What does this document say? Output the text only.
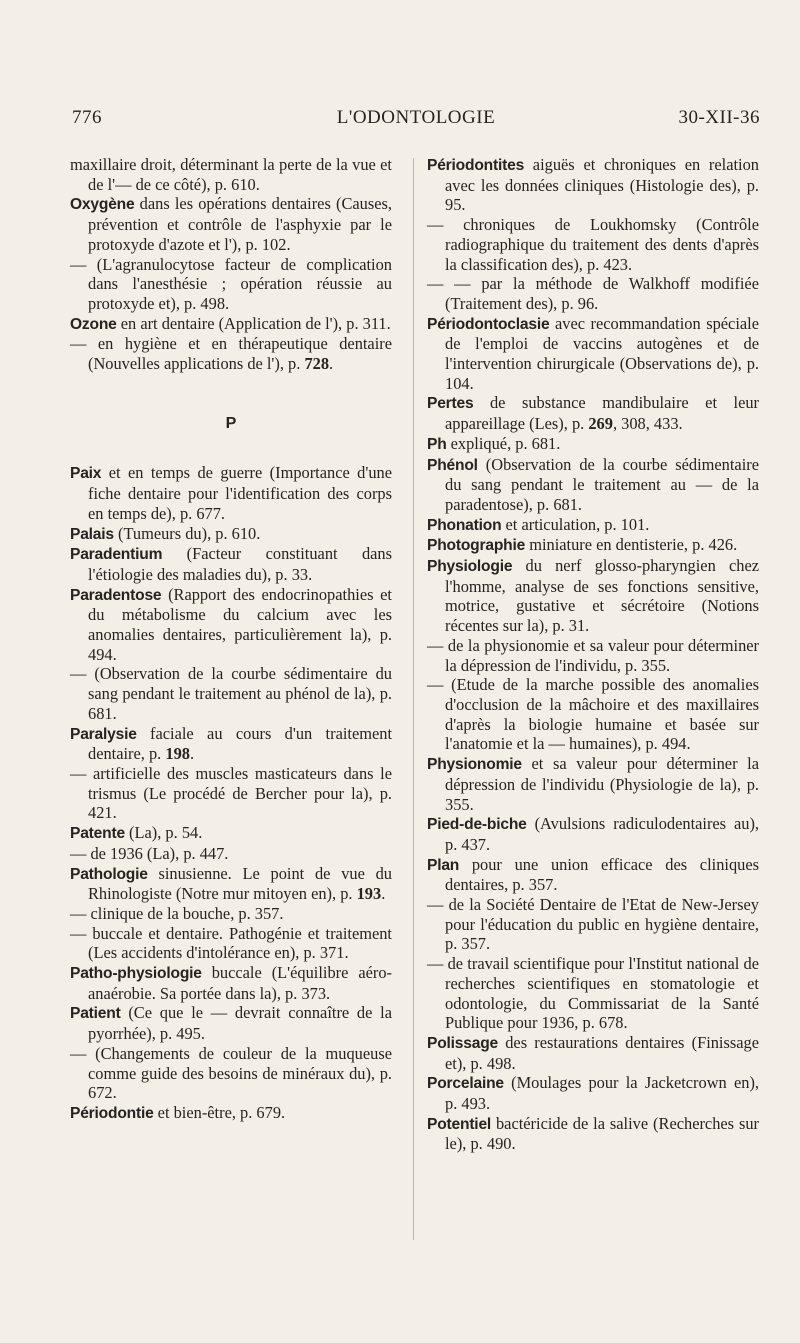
776	L'ODONTOLOGIE	30-XII-36

maxillaire droit, déterminant la perte de la vue et de l'— de ce côté), p. 610.

Oxygène dans les opérations dentaires (Causes, prévention et contrôle de l'asphyxie par le protoxyde d'azote et l'), p. 102.

— (L'agranulocytose facteur de complication dans l'anesthésie ; opération réussie au protoxyde et), p. 498.

Ozone en art dentaire (Application de l'), p. 311.

— en hygiène et en thérapeutique dentaire (Nouvelles applications de l'), p. 728.

P

Paix et en temps de guerre (Importance d'une fiche dentaire pour l'identification des corps en temps de), p. 677.

Palais (Tumeurs du), p. 610.

Paradentium (Facteur constituant dans l'étiologie des maladies du), p. 33.

Paradentose (Rapport des endocrinopathies et du métabolisme du calcium avec les anomalies dentaires, particulièrement la), p. 494.

— (Observation de la courbe sédimentaire du sang pendant le traitement au phénol de la), p. 681.

Paralysie faciale au cours d'un traitement dentaire, p. 198.

— artificielle des muscles masticateurs dans le trismus (Le procédé de Bercher pour la), p. 421.

Patente (La), p. 54.

— de 1936 (La), p. 447.

Pathologie sinusienne. Le point de vue du Rhinologiste (Notre mur mitoyen en), p. 193.

— clinique de la bouche, p. 357.

— buccale et dentaire. Pathogénie et traitement (Les accidents d'intolérance en), p. 371.

Patho-physiologie buccale (L'équilibre aéro-anaérobie. Sa portée dans la), p. 373.

Patient (Ce que le — devrait connaître de la pyorrhée), p. 495.

— (Changements de couleur de la muqueuse comme guide des besoins de minéraux du), p. 672.

Périodontie et bien-être, p. 679.

Périodontites aiguës et chroniques en relation avec les données cliniques (Histologie des), p. 95.

— chroniques de Loukhomsky (Contrôle radiographique du traitement des dents d'après la classification des), p. 423.

— — par la méthode de Walkhoff modifiée (Traitement des), p. 96.

Périodontoclasie avec recommandation spéciale de l'emploi de vaccins autogènes et de l'intervention chirurgicale (Observations de), p. 104.

Pertes de substance mandibulaire et leur appareillage (Les), p. 269, 308, 433.

Ph expliqué, p. 681.

Phénol (Observation de la courbe sédimentaire du sang pendant le traitement au — de la paradentose), p. 681.

Phonation et articulation, p. 101.

Photographie miniature en dentisterie, p. 426.

Physiologie du nerf glosso-pharyngien chez l'homme, analyse de ses fonctions sensitive, motrice, gustative et sécrétoire (Notions récentes sur la), p. 31.

— de la physionomie et sa valeur pour déterminer la dépression de l'individu, p. 355.

— (Etude de la marche possible des anomalies d'occlusion de la mâchoire et des maxillaires d'après la biologie humaine et basée sur l'anatomie et la — humaines), p. 494.

Physionomie et sa valeur pour déterminer la dépression de l'individu (Physiologie de la), p. 355.

Pied-de-biche (Avulsions radiculodentaires au), p. 437.

Plan pour une union efficace des cliniques dentaires, p. 357.

— de la Société Dentaire de l'Etat de New-Jersey pour l'éducation du public en hygiène dentaire, p. 357.

— de travail scientifique pour l'Institut national de recherches scientifiques en stomatologie et odontologie, du Commissariat de la Santé Publique pour 1936, p. 678.

Polissage des restaurations dentaires (Finissage et), p. 498.

Porcelaine (Moulages pour la Jacketcrown en), p. 493.

Potentiel bactéricide de la salive (Recherches sur le), p. 490.
